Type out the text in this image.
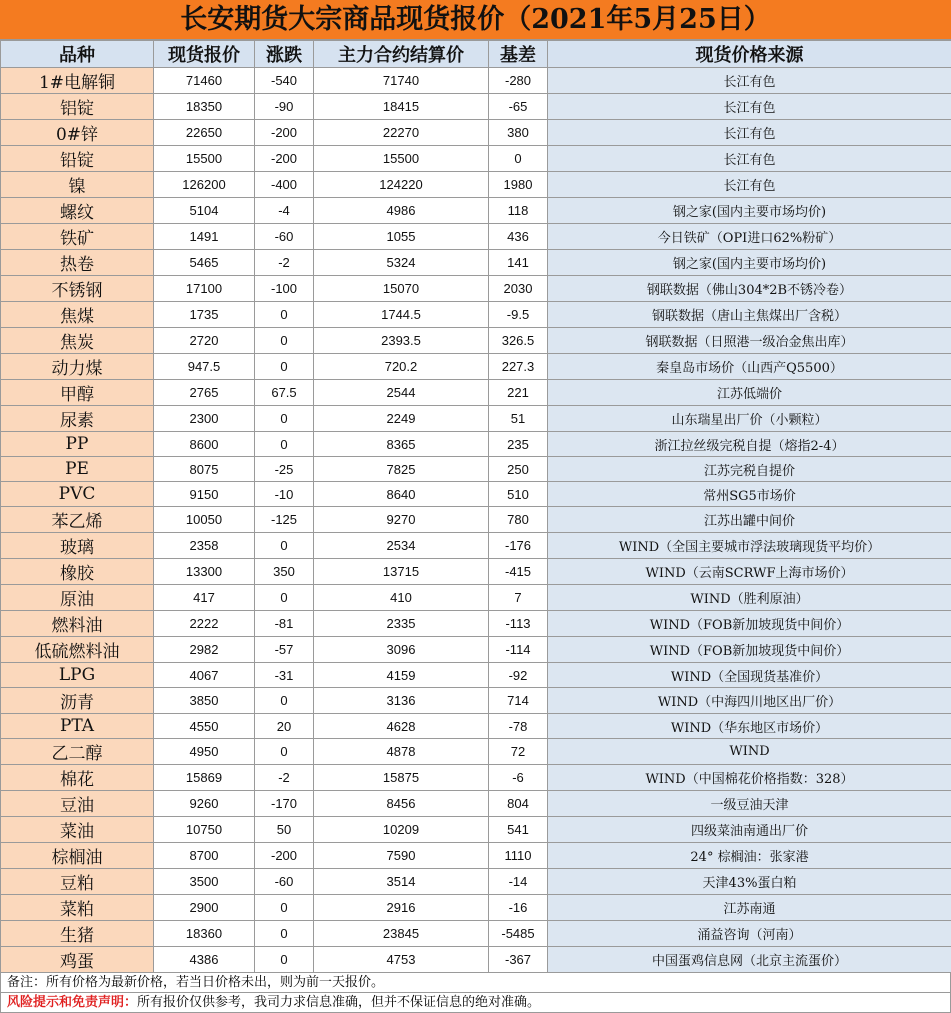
长安期货大宗商品现货报价（2021年5月25日）
品种	现货报价	涨跌	主力合约结算价	基差	现货价格来源
1#电解铜	71460	-540	71740	-280	长江有色
铝锭	18350	-90	18415	-65	长江有色
0#锌	22650	-200	22270	380	长江有色
铅锭	15500	-200	15500	0	长江有色
镍	126200	-400	124220	1980	长江有色
螺纹	5104	-4	4986	118	钢之家(国内主要市场均价)
铁矿	1491	-60	1055	436	今日铁矿（OPI进口62%粉矿）
热卷	5465	-2	5324	141	钢之家(国内主要市场均价)
不锈钢	17100	-100	15070	2030	钢联数据（佛山304*2B不锈冷卷）
焦煤	1735	0	1744.5	-9.5	钢联数据（唐山主焦煤出厂含税）
焦炭	2720	0	2393.5	326.5	钢联数据（日照港一级冶金焦出库）
动力煤	947.5	0	720.2	227.3	秦皇岛市场价（山西产Q5500）
甲醇	2765	67.5	2544	221	江苏低端价
尿素	2300	0	2249	51	山东瑞星出厂价（小颗粒）
PP	8600	0	8365	235	浙江拉丝级完税自提（熔指2-4）
PE	8075	-25	7825	250	江苏完税自提价
PVC	9150	-10	8640	510	常州SG5市场价
苯乙烯	10050	-125	9270	780	江苏出罐中间价
玻璃	2358	0	2534	-176	WIND（全国主要城市浮法玻璃现货平均价）
橡胶	13300	350	13715	-415	WIND（云南SCRWF上海市场价）
原油	417	0	410	7	WIND（胜利原油）
燃料油	2222	-81	2335	-113	WIND（FOB新加坡现货中间价）
低硫燃料油	2982	-57	3096	-114	WIND（FOB新加坡现货中间价）
LPG	4067	-31	4159	-92	WIND（全国现货基准价）
沥青	3850	0	3136	714	WIND（中海四川地区出厂价）
PTA	4550	20	4628	-78	WIND（华东地区市场价）
乙二醇	4950	0	4878	72	WIND
棉花	15869	-2	15875	-6	WIND（中国棉花价格指数：328）
豆油	9260	-170	8456	804	一级豆油天津
菜油	10750	50	10209	541	四级菜油南通出厂价
棕榈油	8700	-200	7590	1110	24° 棕榈油：张家港
豆粕	3500	-60	3514	-14	天津43%蛋白粕
菜粕	2900	0	2916	-16	江苏南通
生猪	18360	0	23845	-5485	涌益咨询（河南）
鸡蛋	4386	0	4753	-367	中国蛋鸡信息网（北京主流蛋价）
备注：所有价格为最新价格，若当日价格未出，则为前一天报价。
风险提示和免责声明：所有报价仅供参考，我司力求信息准确，但并不保证信息的绝对准确。
